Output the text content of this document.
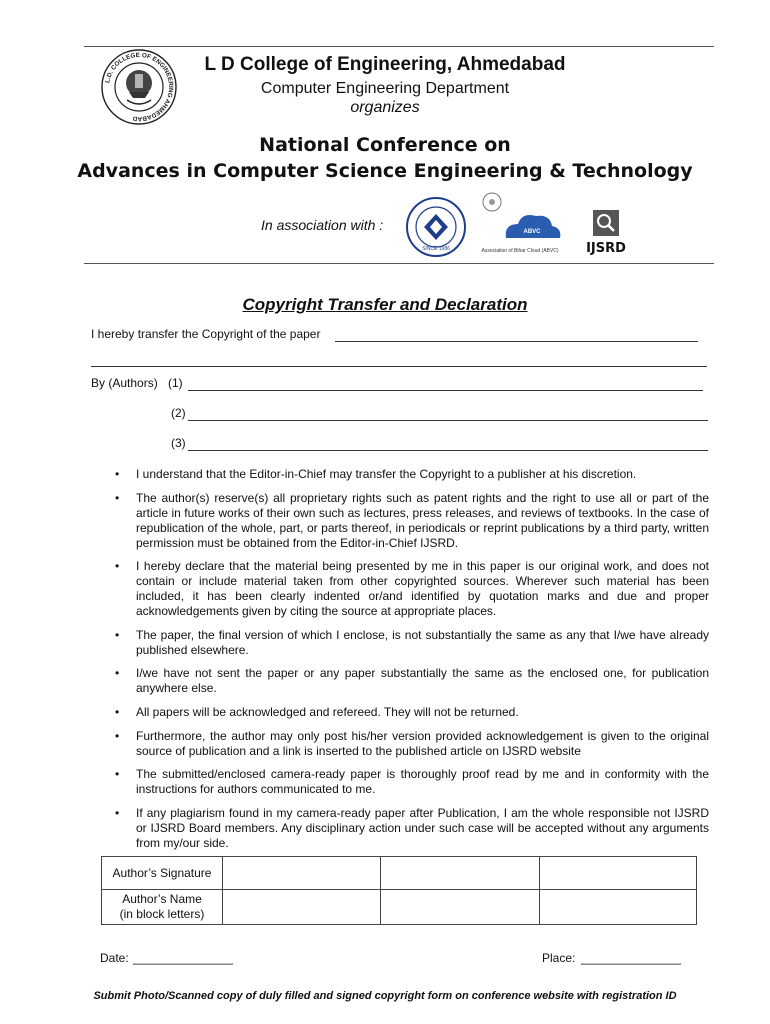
L.D. COLLEGE OF ENGINEERING AHMEDABAD
L D College of Engineering, Ahmedabad
Computer Engineering Department
organizes
National Conference on
Advances in Computer Science Engineering & Technology
In association with :
SINCE 1986
ABVC
Association of Bihar Cloud (ABVC) IJSRD
Copyright Transfer and Declaration
I hereby transfer the Copyright of the paper
By (Authors) (1)
(2)
(3)
• I understand that the Editor-in-Chief may transfer the Copyright to a publisher at his discretion.
• The author(s) reserve(s) all proprietary rights such as patent rights and the right to use all or part of the article in future works of their own such as lectures, press releases, and reviews of textbooks. In the case of republication of the whole, part, or parts thereof, in periodicals or reprint publications by a third party, written permission must be obtained from the Editor-in-Chief IJSRD.
• I hereby declare that the material being presented by me in this paper is our original work, and does not contain or include material taken from other copyrighted sources. Wherever such material has been included, it has been clearly indented or/and identified by quotation marks and due and proper acknowledgements given by citing the source at appropriate places.
• The paper, the final version of which I enclose, is not substantially the same as any that I/we have already published elsewhere.
• I/we have not sent the paper or any paper substantially the same as the enclosed one, for publication anywhere else.
• All papers will be acknowledged and refereed. They will not be returned.
• Furthermore, the author may only post his/her version provided acknowledgement is given to the original source of publication and a link is inserted to the published article on IJSRD website
• The submitted/enclosed camera-ready paper is thoroughly proof read by me and in conformity with the instructions for authors communicated to me.
• If any plagiarism found in my camera-ready paper after Publication, I am the whole responsible not IJSRD or IJSRD Board members. Any disciplinary action under such case will be accepted without any arguments from my/our side.
Author’s Signature			

Author’s Name
(in block letters)			

Date: _______________	Place: _______________
Submit Photo/Scanned copy of duly filled and signed copyright form on conference website with registration ID
